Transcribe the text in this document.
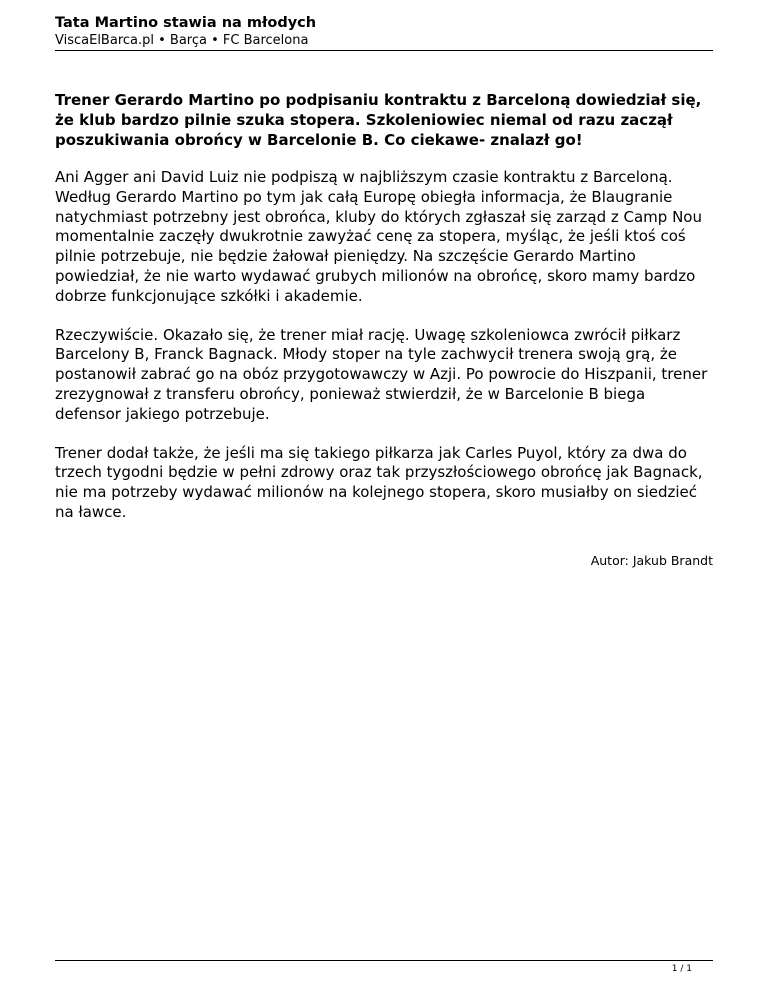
Tata Martino stawia na młodych
ViscaElBarca.pl • Barça • FC Barcelona

Trener Gerardo Martino po podpisaniu kontraktu z Barceloną dowiedział się, że klub bardzo pilnie szuka stopera. Szkoleniowiec niemal od razu zaczął poszukiwania obrońcy w Barcelonie B. Co ciekawe- znalazł go!

Ani Agger ani David Luiz nie podpiszą w najbliższym czasie kontraktu z Barceloną. Według Gerardo Martino po tym jak całą Europę obiegła informacja, że Blaugranie natychmiast potrzebny jest obrońca, kluby do których zgłaszał się zarząd z Camp Nou momentalnie zaczęły dwukrotnie zawyżać cenę za stopera, myśląc, że jeśli ktoś coś pilnie potrzebuje, nie będzie żałował pieniędzy. Na szczęście Gerardo Martino powiedział, że nie warto wydawać grubych milionów na obrońcę, skoro mamy bardzo dobrze funkcjonujące szkółki i akademie.

Rzeczywiście. Okazało się, że trener miał rację. Uwagę szkoleniowca zwrócił piłkarz Barcelony B, Franck Bagnack. Młody stoper na tyle zachwycił trenera swoją grą, że postanowił zabrać go na obóz przygotowawczy w Azji. Po powrocie do Hiszpanii, trener zrezygnował z transferu obrońcy, ponieważ stwierdził, że w Barcelonie B biega defensor jakiego potrzebuje.

Trener dodał także, że jeśli ma się takiego piłkarza jak Carles Puyol, który za dwa do trzech tygodni będzie w pełni zdrowy oraz tak przyszłościowego obrońcę jak Bagnack, nie ma potrzeby wydawać milionów na kolejnego stopera, skoro musiałby on siedzieć na ławce.

Autor: Jakub Brandt
1 / 1
